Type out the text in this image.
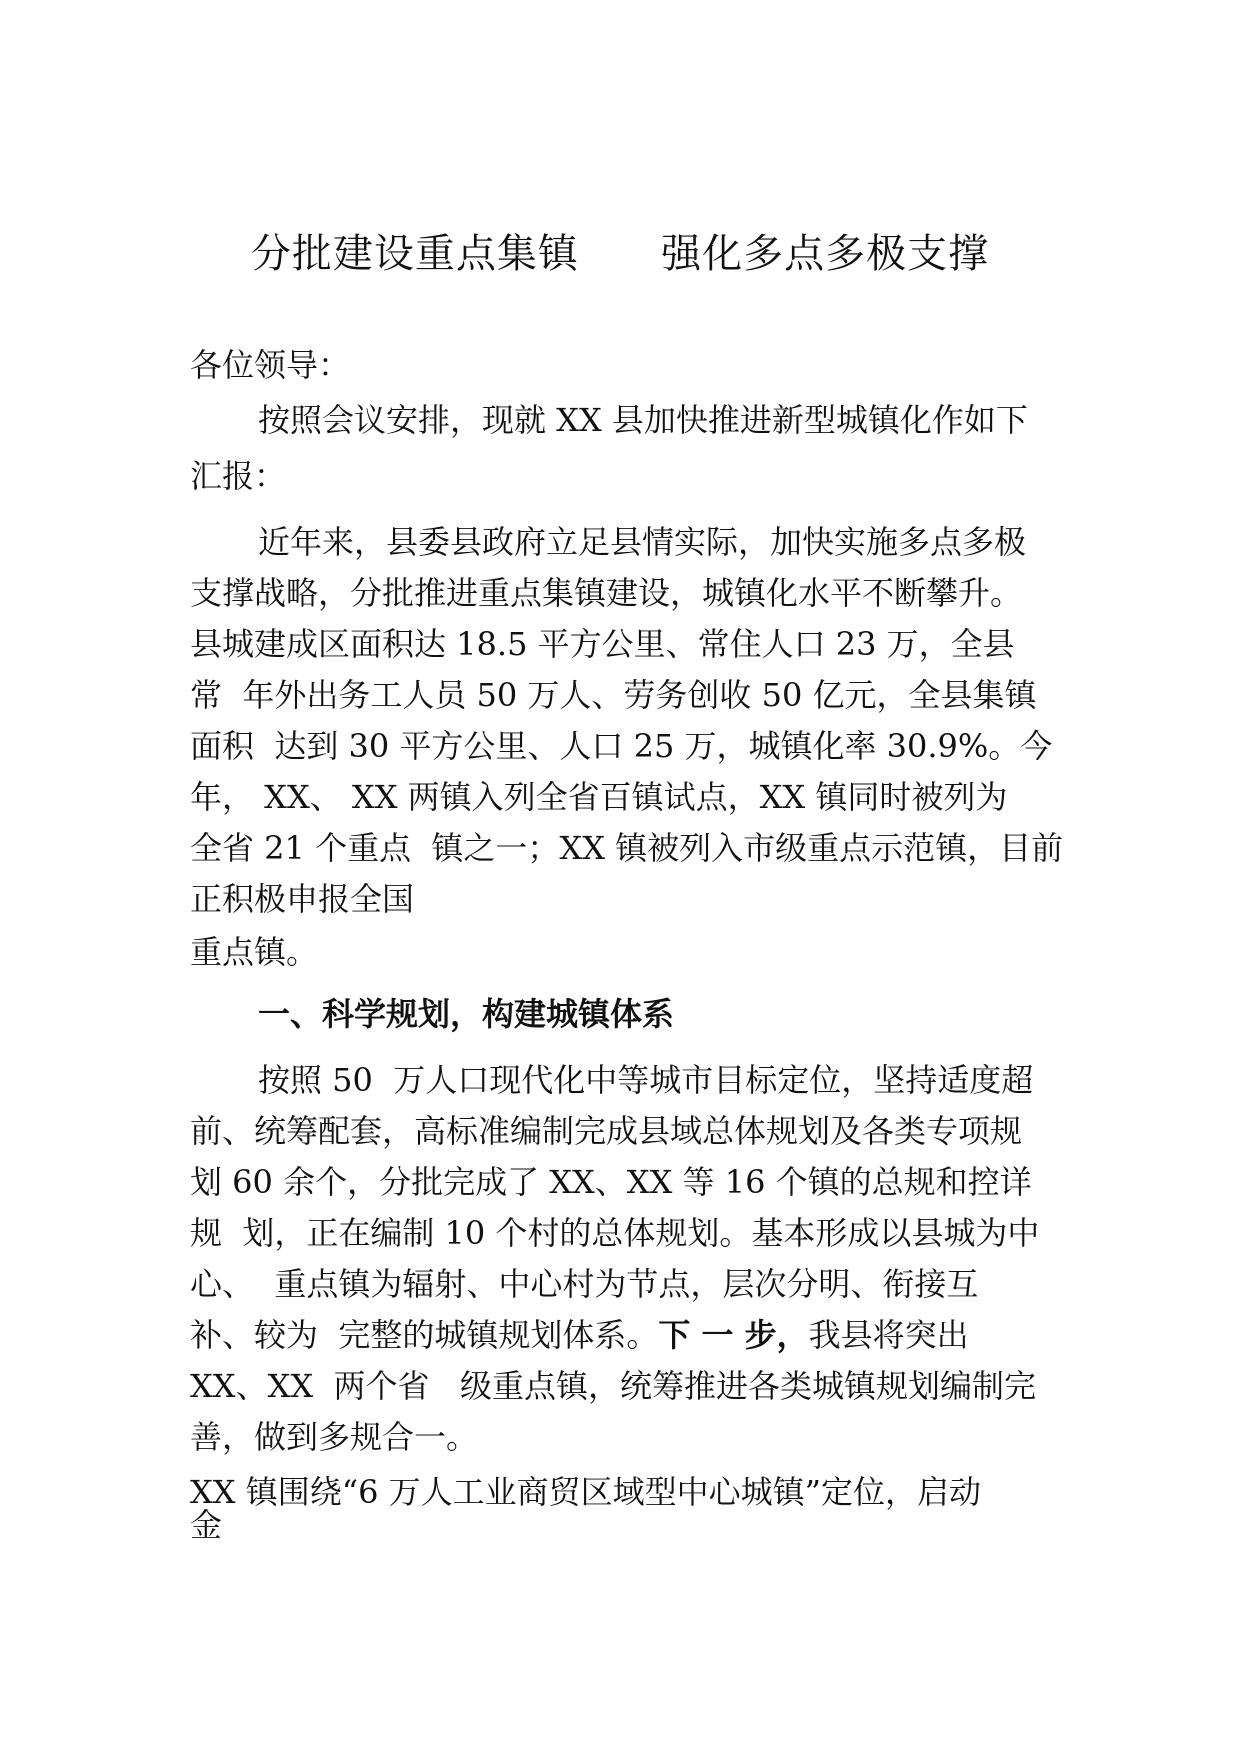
分批建设重点集镇      强化多点多极支撑

各位领导：

按照会议安排，现就 XX 县加快推进新型城镇化作如下

汇报：

近年来，县委县政府立足县情实际，加快实施多点多极

支撑战略，分批推进重点集镇建设，城镇化水平不断攀升。

县城建成区面积达 18.5 平方公里、常住人口 23 万，全县

常  年外出务工人员 50 万人、劳务创收 50 亿元，全县集镇

面积  达到 30 平方公里、人口 25 万，城镇化率 30.9%。今

年， XX、 XX 两镇入列全省百镇试点，XX 镇同时被列为

全省 21 个重点  镇之一；XX 镇被列入市级重点示范镇，目前

正积极申报全国

重点镇。

一、科学规划，构建城镇体系

按照 50  万人口现代化中等城市目标定位，坚持适度超

前、统筹配套，高标准编制完成县域总体规划及各类专项规

划 60 余个，分批完成了 XX、XX 等 16 个镇的总规和控详

规  划，正在编制 10 个村的总体规划。基本形成以县城为中

心、  重点镇为辐射、中心村为节点，层次分明、衔接互

补、较为  完整的城镇规划体系。下 一 步，我县将突出

XX、XX  两个省   级重点镇，统筹推进各类城镇规划编制完

善，做到多规合一。

XX 镇围绕“6 万人工业商贸区域型中心城镇”定位，启动

金
